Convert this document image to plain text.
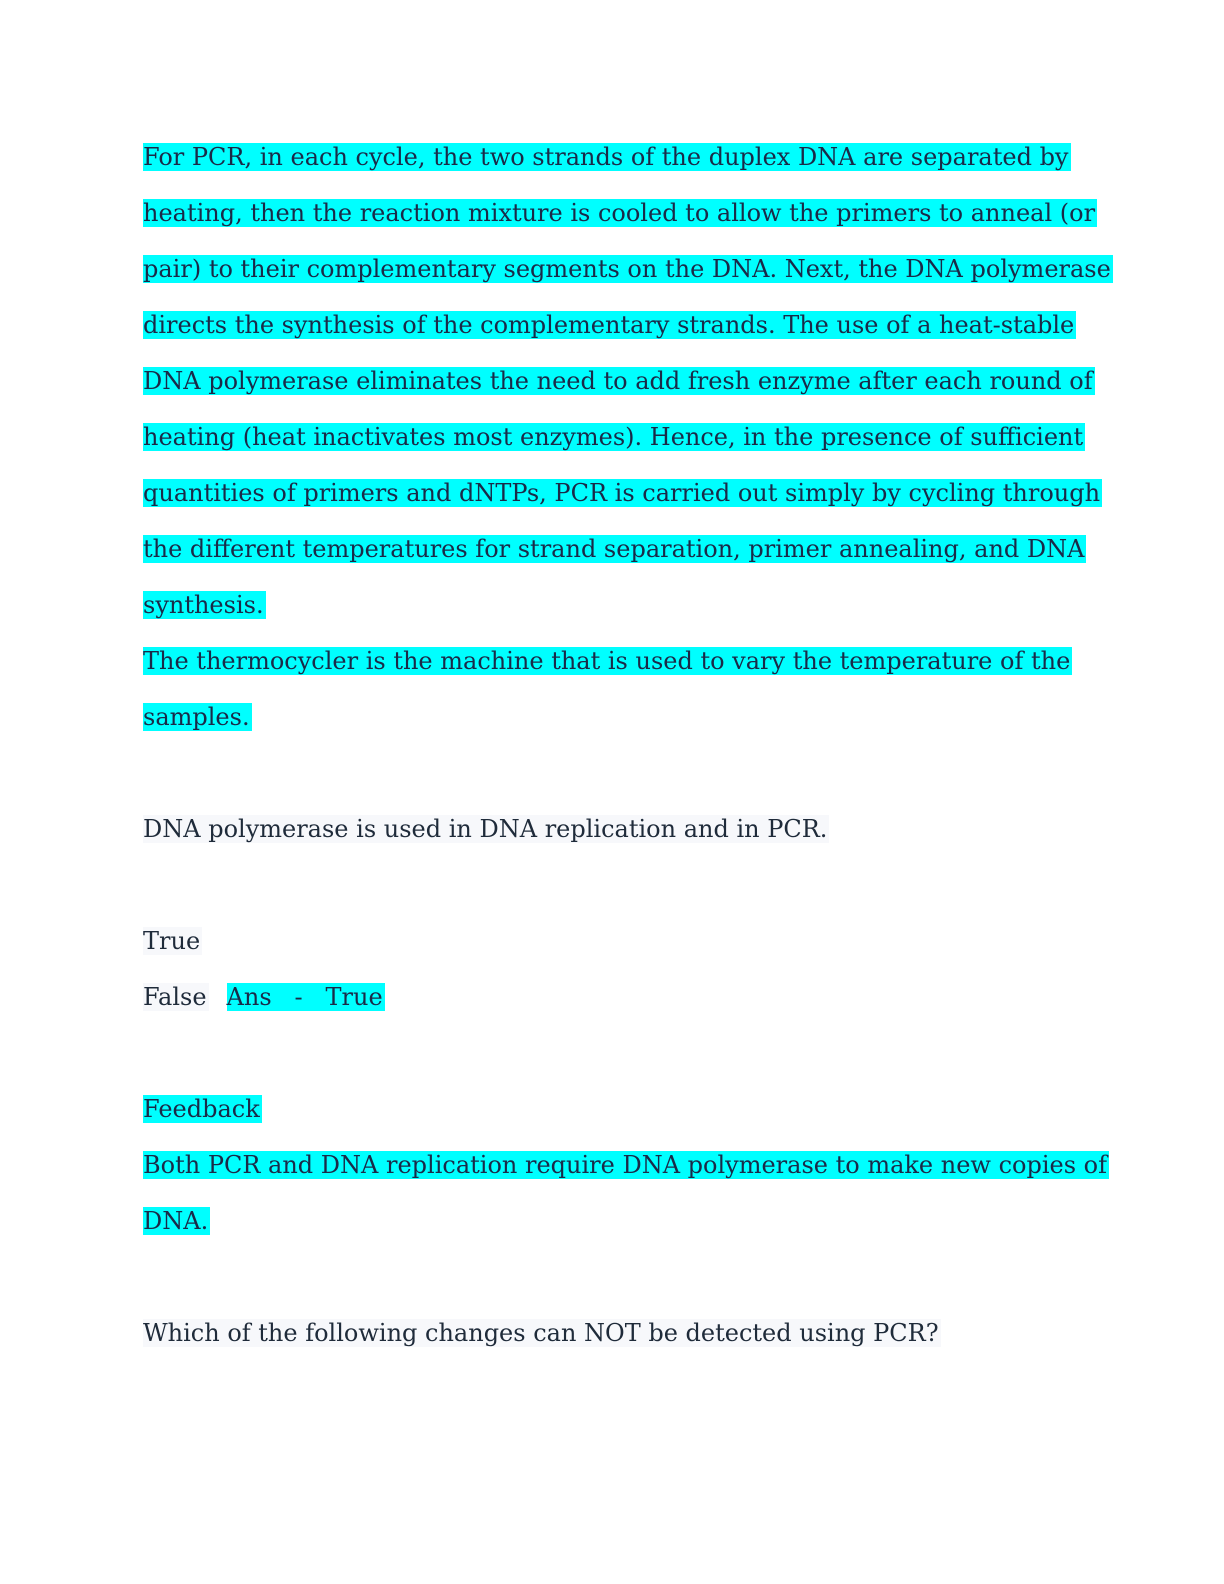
For PCR, in each cycle, the two strands of the duplex DNA are separated by
heating, then the reaction mixture is cooled to allow the primers to anneal (or
pair) to their complementary segments on the DNA. Next, the DNA polymerase
directs the synthesis of the complementary strands. The use of a heat-stable
DNA polymerase eliminates the need to add fresh enzyme after each round of
heating (heat inactivates most enzymes). Hence, in the presence of sufficient
quantities of primers and dNTPs, PCR is carried out simply by cycling through
the different temperatures for strand separation, primer annealing, and DNA
synthesis.
The thermocycler is the machine that is used to vary the temperature of the
samples.
DNA polymerase is used in DNA replication and in PCR.
True
False Ans   -   True
Feedback
Both PCR and DNA replication require DNA polymerase to make new copies of
DNA.
Which of the following changes can NOT be detected using PCR?
